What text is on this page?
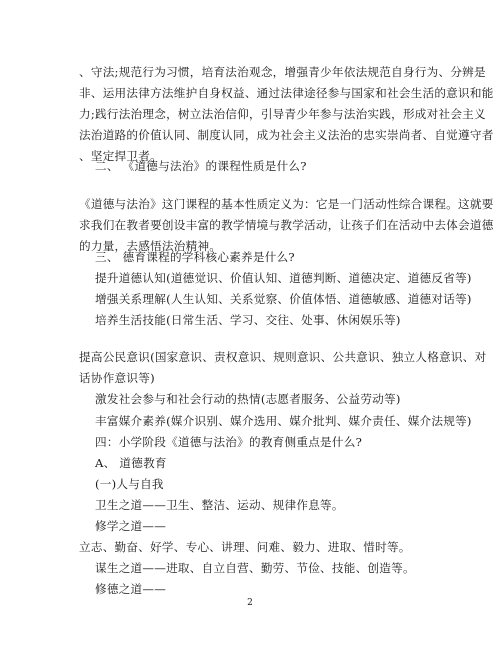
、守法;规范行为习惯，培育法治观念，增强青少年依法规范自身行为、分辨是
非、运用法律方法维护自身权益、通过法律途径参与国家和社会生活的意识和能
力;践行法治理念，树立法治信仰，引导青少年参与法治实践，形成对社会主义
法治道路的价值认同、制度认同，成为社会主义法治的忠实崇尚者、自觉遵守者
、坚定捍卫者。
二、 《道德与法治》的课程性质是什么?
《道德与法治》这门课程的基本性质定义为：它是一门活动性综合课程。这就要
求我们在教者要创设丰富的教学情境与教学活动，让孩子们在活动中去体会道德
的力量，去感悟法治精神。
三、 德育课程的学科核心素养是什么?
提升道德认知(道德觉识、价值认知、道德判断、道德决定、道德反省等)
增强关系理解(人生认知、关系觉察、价值体悟、道德敏感、道德对话等)
培养生活技能(日常生活、学习、交往、处事、休闲娱乐等)
提高公民意识(国家意识、责权意识、规则意识、公共意识、独立人格意识、对
话协作意识等)
激发社会参与和社会行动的热情(志愿者服务、公益劳动等)
丰富媒介素养(媒介识别、媒介选用、媒介批判、媒介责任、媒介法规等)
四：小学阶段《道德与法治》的教育侧重点是什么?
A、 道德教育
(一)人与自我
卫生之道——卫生、整洁、运动、规律作息等。
修学之道——
立志、勤奋、好学、专心、讲理、问难、毅力、进取、惜时等。
谋生之道——进取、自立自营、勤劳、节俭、技能、创造等。
修德之道——
2
